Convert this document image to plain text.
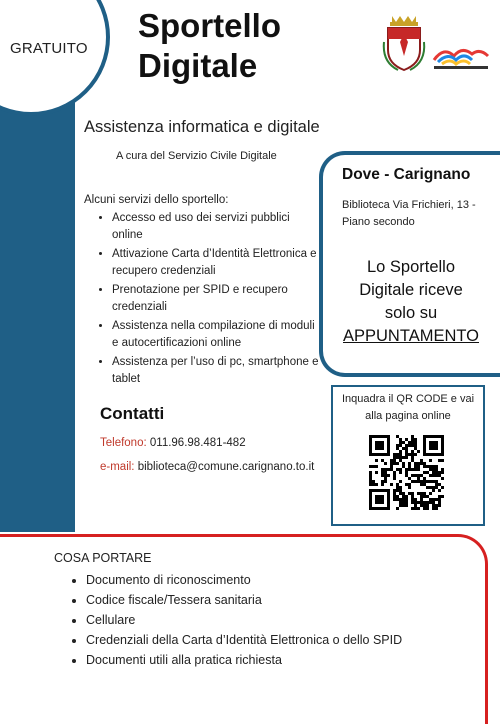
GRATUITO
Sportello
Digitale
Assistenza informatica e digitale
A cura del Servizio Civile Digitale
Alcuni servizi dello sportello:
• Accesso ed uso dei servizi pubblici online
• Attivazione Carta d’Identità Elettronica e recupero credenziali
• Prenotazione per SPID e recupero credenziali
• Assistenza nella compilazione di moduli e autocertificazioni online
• Assistenza per l’uso di pc, smartphone e tablet
Contatti
Telefono: 011.96.98.481-482
e-mail: biblioteca@comune.carignano.to.it
Dove - Carignano
Biblioteca Via Frichieri, 13 - Piano secondo
Lo Sportello
Digitale riceve
solo su
APPUNTAMENTO
Inquadra il QR CODE e vai alla pagina online
COSA PORTARE
• Documento di riconoscimento
• Codice fiscale/Tessera sanitaria
• Cellulare
• Credenziali della Carta d’Identità Elettronica o dello SPID
• Documenti utili alla pratica richiesta
